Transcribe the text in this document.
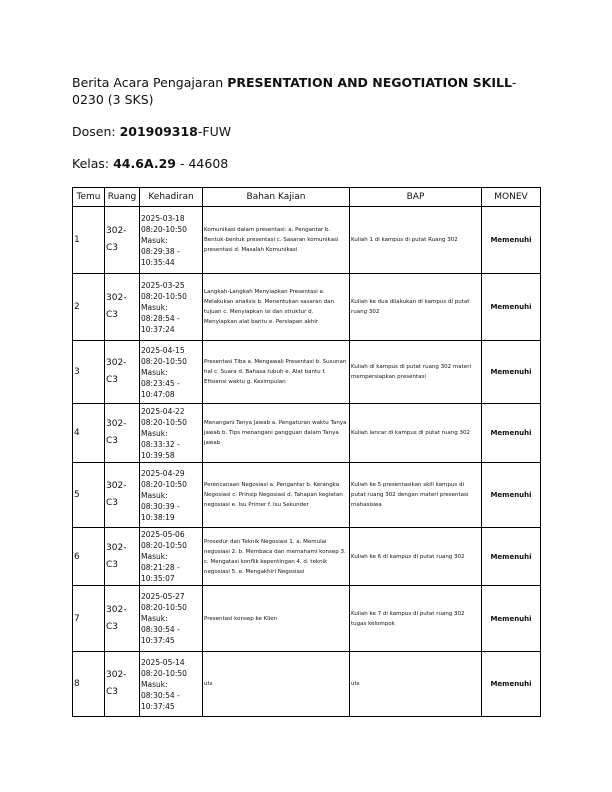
Berita Acara Pengajaran PRESENTATION AND NEGOTIATION SKILL-0230 (3 SKS)
Dosen: 201909318-FUW
Kelas: 44.6A.29 - 44608
Temu	Ruang	Kehadiran	Bahan Kajian	BAP	MONEV
1	302-C3	2025-03-18 08:20-10:50 Masuk: 08:29:38 - 10:35:44	Komunikasi dalam presentasi: a. Pengantar b. Bentuk-bentuk presentasi c. Sasaran komunikasi presentasi d. Masalah Komunikasi	Kuliah 1 di kampus di putat Ruang 302	Memenuhi
2	302-C3	2025-03-25 08:20-10:50 Masuk: 08:28:54 - 10:37:24	Langkah-Langkah Menyiapkan Presentasi a. Melakukan analisis b. Menentukan sasaran dan tujuan c. Menyiapkan isi dan struktur d. Menyiapkan alat bantu e. Persiapan akhir	Kuliah ke dua dilakukan di kampus di putat ruang 302	Memenuhi
3	302-C3	2025-04-15 08:20-10:50 Masuk: 08:23:45 - 10:47:08	Presentasi Tiba a. Mengawali Presentasi b. Susunan hal c. Suara d. Bahasa tubuh e. Alat bantu f. Efisiensi waktu g. Kesimpulan	Kuliah di kampus di putat ruang 302 materi mempersiapkan presentasi	Memenuhi
4	302-C3	2025-04-22 08:20-10:50 Masuk: 08:33:32 - 10:39:58	Menangani Tanya Jawab a. Pengaturan waktu Tanya jawab b. Tips menangani gangguan dalam Tanya jawab	Kuliah lancar di kampus di putat ruang 302	Memenuhi
5	302-C3	2025-04-29 08:20-10:50 Masuk: 08:30:39 - 10:38:19	Perencanaan Negosiasi a. Pengantar b. Kerangka Negosiasi c. Prinsip Negosiasi d. Tahapan kegiatan negosiasi e. Isu Primer f. Isu Sekunder	Kuliah ke 5 presentasikan skill kampus di putat ruang 302 dengan materi presentasi mahasiswa	Memenuhi
6	302-C3	2025-05-06 08:20-10:50 Masuk: 08:21:28 - 10:35:07	Prosedur dan Teknik Negosiasi 1. a. Memulai negosiasi 2. b. Membaca dan memahami konsep 3. c. Mengatasi konflik kepentingan 4. d. teknik negosiasi 5. e. Mengakhiri Negosiasi	Kuliah ke 6 di kampus di putat ruang 302	Memenuhi
7	302-C3	2025-05-27 08:20-10:50 Masuk: 08:30:54 - 10:37:45	Presentasi konsep ke Klien	Kuliah ke 7 di kampus di putat ruang 302 tugas kelompok	Memenuhi
8	302-C3	2025-05-14 08:20-10:50 Masuk: 08:30:54 - 10:37:45	uts	uts	Memenuhi
